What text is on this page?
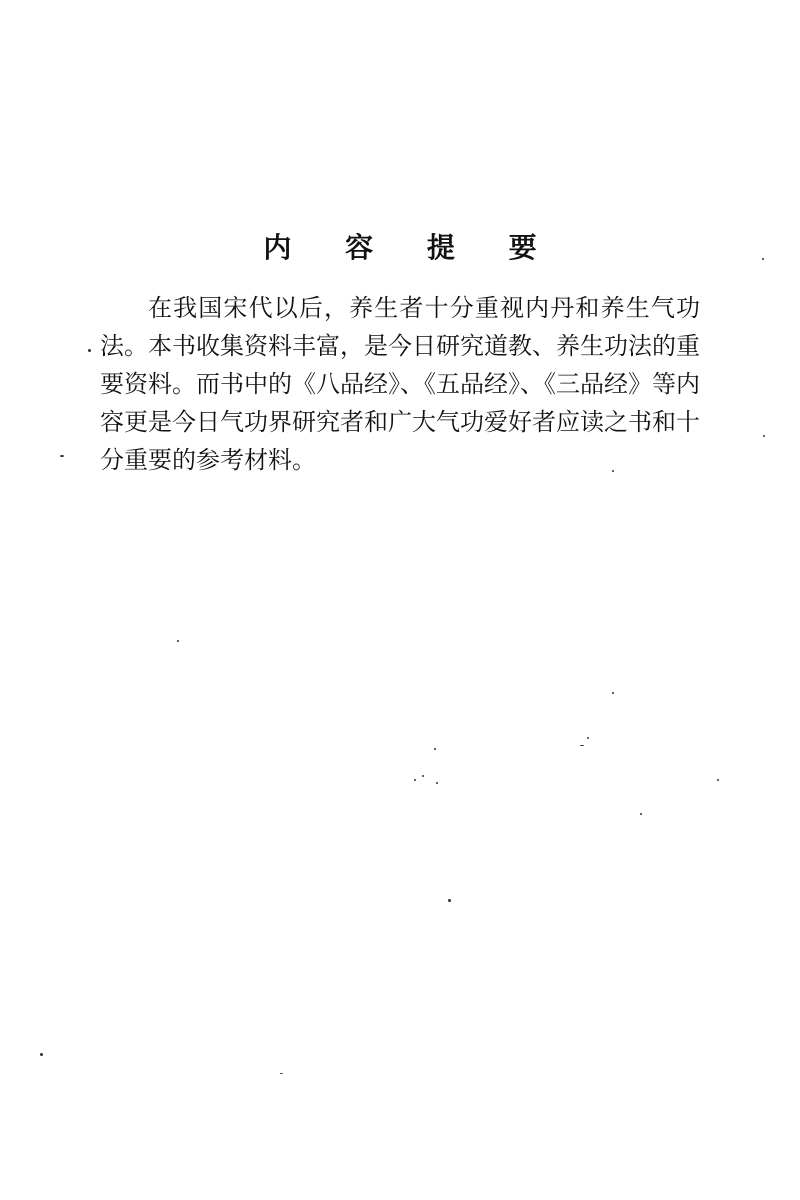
内 容 提 要

在我国宋代以后，养生者十分重视内丹和养生气功法。本书收集资料丰富，是今日研究道教、养生功法的重要资料。而书中的《八品经》、《五品经》、《三品经》等内容更是今日气功界研究者和广大气功爱好者应读之书和十分重要的参考材料。
